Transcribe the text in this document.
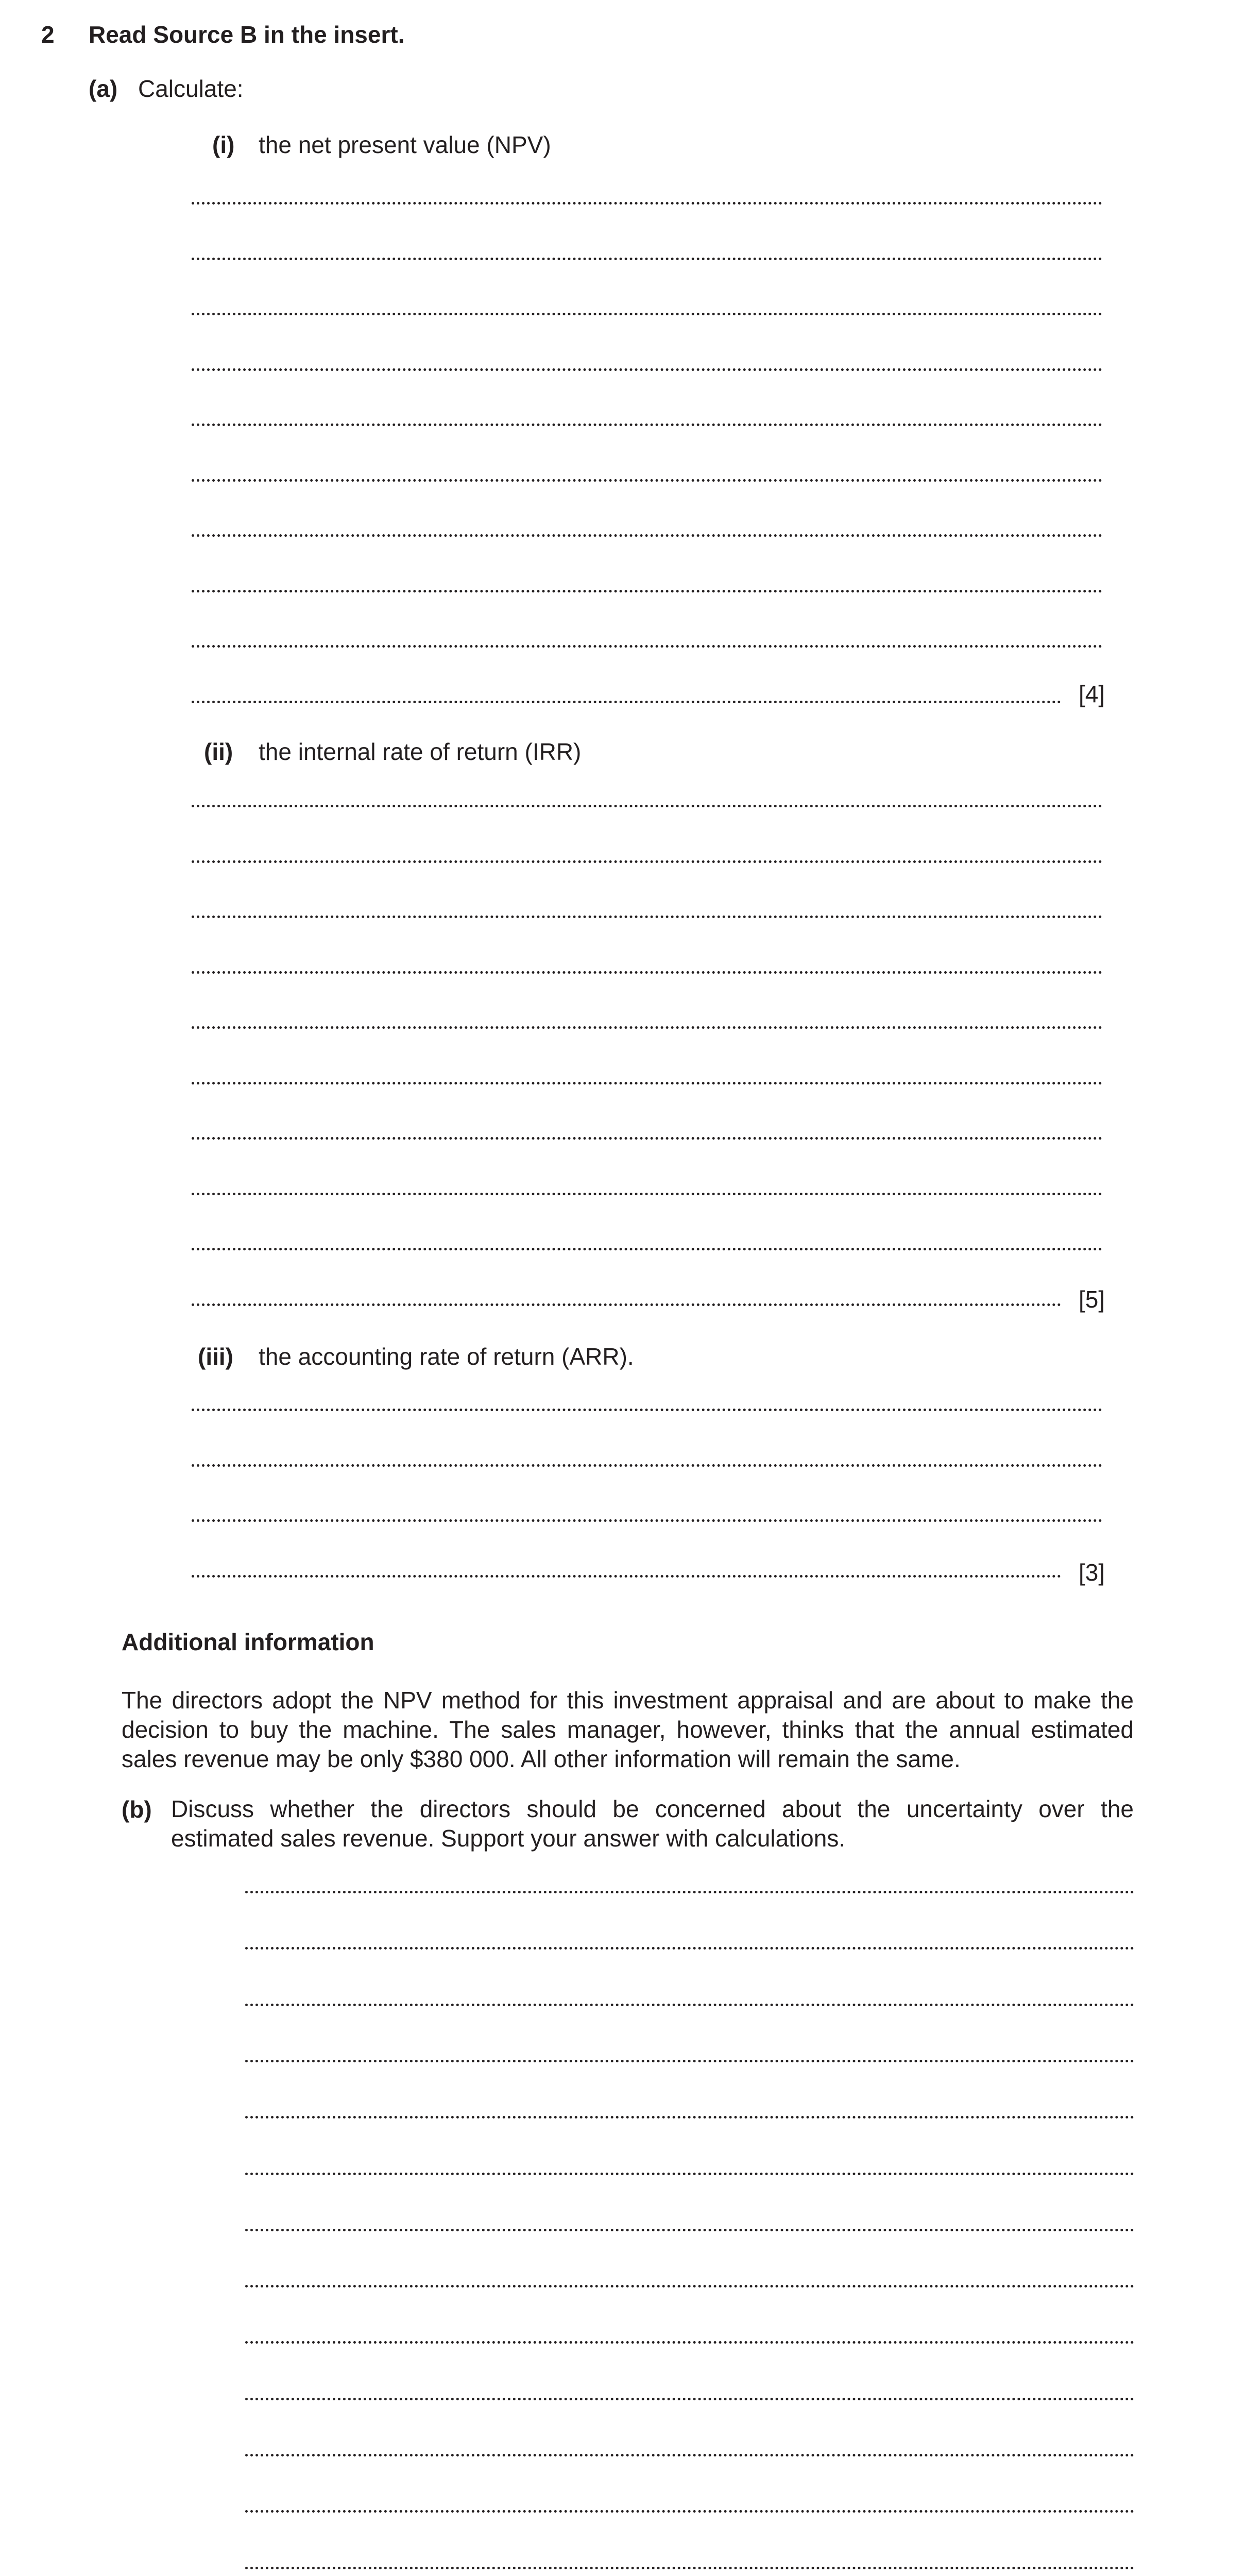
2 Read Source B in the insert.
(a) Calculate:
(i) the net present value (NPV)
[4]
(ii) the internal rate of return (IRR)
[5]
(iii) the accounting rate of return (ARR).
[3]
Additional information
The directors adopt the NPV method for this investment appraisal and are about to make the decision to buy the machine. The sales manager, however, thinks that the annual estimated sales revenue may be only $380 000. All other information will remain the same.
(b) Discuss whether the directors should be concerned about the uncertainty over the estimated sales revenue. Support your answer with calculations.
